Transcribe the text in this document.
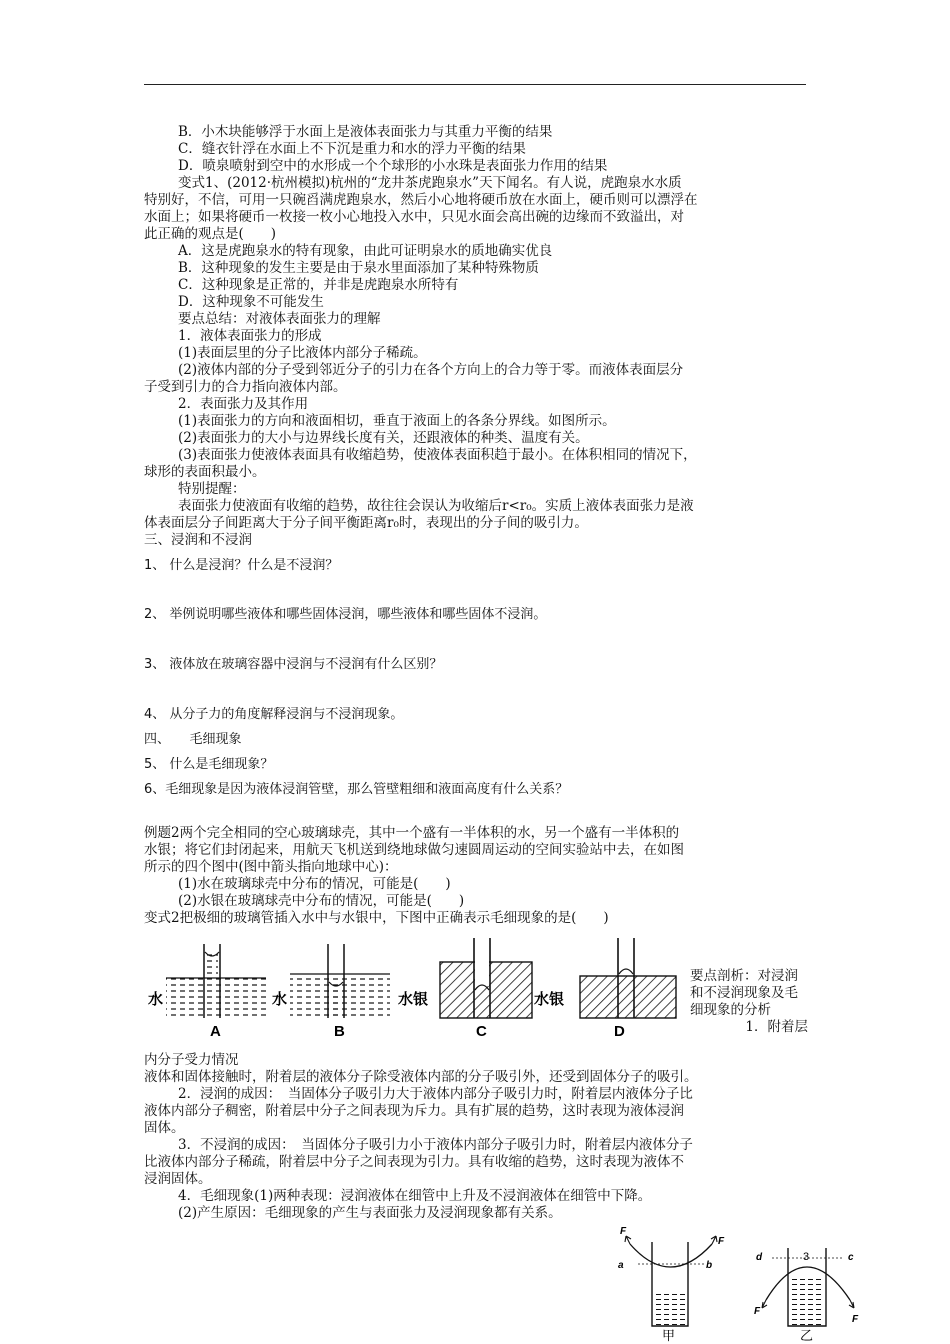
B．小木块能够浮于水面上是液体表面张力与其重力平衡的结果
C．缝衣针浮在水面上不下沉是重力和水的浮力平衡的结果
D．喷泉喷射到空中的水形成一个个球形的小水珠是表面张力作用的结果
变式1、(2012·杭州模拟)杭州的“龙井茶虎跑泉水”天下闻名。有人说，虎跑泉水水质
特别好，不信，可用一只碗舀满虎跑泉水，然后小心地将硬币放在水面上，硬币则可以漂浮在
水面上；如果将硬币一枚接一枚小心地投入水中，只见水面会高出碗的边缘而不致溢出，对
此正确的观点是(　　)
A．这是虎跑泉水的特有现象，由此可证明泉水的质地确实优良
B．这种现象的发生主要是由于泉水里面添加了某种特殊物质
C．这种现象是正常的，并非是虎跑泉水所特有
D．这种现象不可能发生
要点总结：对液体表面张力的理解
1．液体表面张力的形成
(1)表面层里的分子比液体内部分子稀疏。
(2)液体内部的分子受到邻近分子的引力在各个方向上的合力等于零。而液体表面层分
子受到引力的合力指向液体内部。
2．表面张力及其作用
(1)表面张力的方向和液面相切，垂直于液面上的各条分界线。如图所示。
(2)表面张力的大小与边界线长度有关，还跟液体的种类、温度有关。
(3)表面张力使液体表面具有收缩趋势，使液体表面积趋于最小。在体积相同的情况下，
球形的表面积最小。
特别提醒：
表面张力使液面有收缩的趋势，故往往会误认为收缩后r<r₀。实质上液体表面张力是液
体表面层分子间距离大于分子间平衡距离r₀时，表现出的分子间的吸引力。
三、浸润和不浸润
1、 什么是浸润？什么是不浸润？
2、 举例说明哪些液体和哪些固体浸润，哪些液体和哪些固体不浸润。
3、 液体放在玻璃容器中浸润与不浸润有什么区别？
4、 从分子力的角度解释浸润与不浸润现象。
四、　　毛细现象
5、 什么是毛细现象？
6、毛细现象是因为液体浸润管壁，那么管壁粗细和液面高度有什么关系？
例题2两个完全相同的空心玻璃球壳，其中一个盛有一半体积的水，另一个盛有一半体积的
水银；将它们封闭起来，用航天飞机送到绕地球做匀速圆周运动的空间实验站中去，在如图
所示的四个图中(图中箭头指向地球中心)：
(1)水在玻璃球壳中分布的情况，可能是(　　)
(2)水银在玻璃球壳中分布的情况，可能是(　　)
变式2把极细的玻璃管插入水中与水银中，下图中正确表示毛细现象的是(　　)
要点剖析：对浸润和不浸润现象及毛细现象的分析
1．附着层
内分子受力情况
液体和固体接触时，附着层的液体分子除受液体内部的分子吸引外，还受到固体分子的吸引。
2．浸润的成因：　当固体分子吸引力大于液体内部分子吸引力时，附着层内液体分子比
液体内部分子稠密，附着层中分子之间表现为斥力。具有扩展的趋势，这时表现为液体浸润
固体。
3．不浸润的成因：　当固体分子吸引力小于液体内部分子吸引力时，附着层内液体分子
比液体内部分子稀疏，附着层中分子之间表现为引力。具有收缩的趋势，这时表现为液体不
浸润固体。
4．毛细现象(1)两种表现：浸润液体在细管中上升及不浸润液体在细管中下降。
(2)产生原因：毛细现象的产生与表面张力及浸润现象都有关系。
水
A
水
B
水银
C
水银
D
F
a	b
F
甲
d	c
F
F
3
乙
